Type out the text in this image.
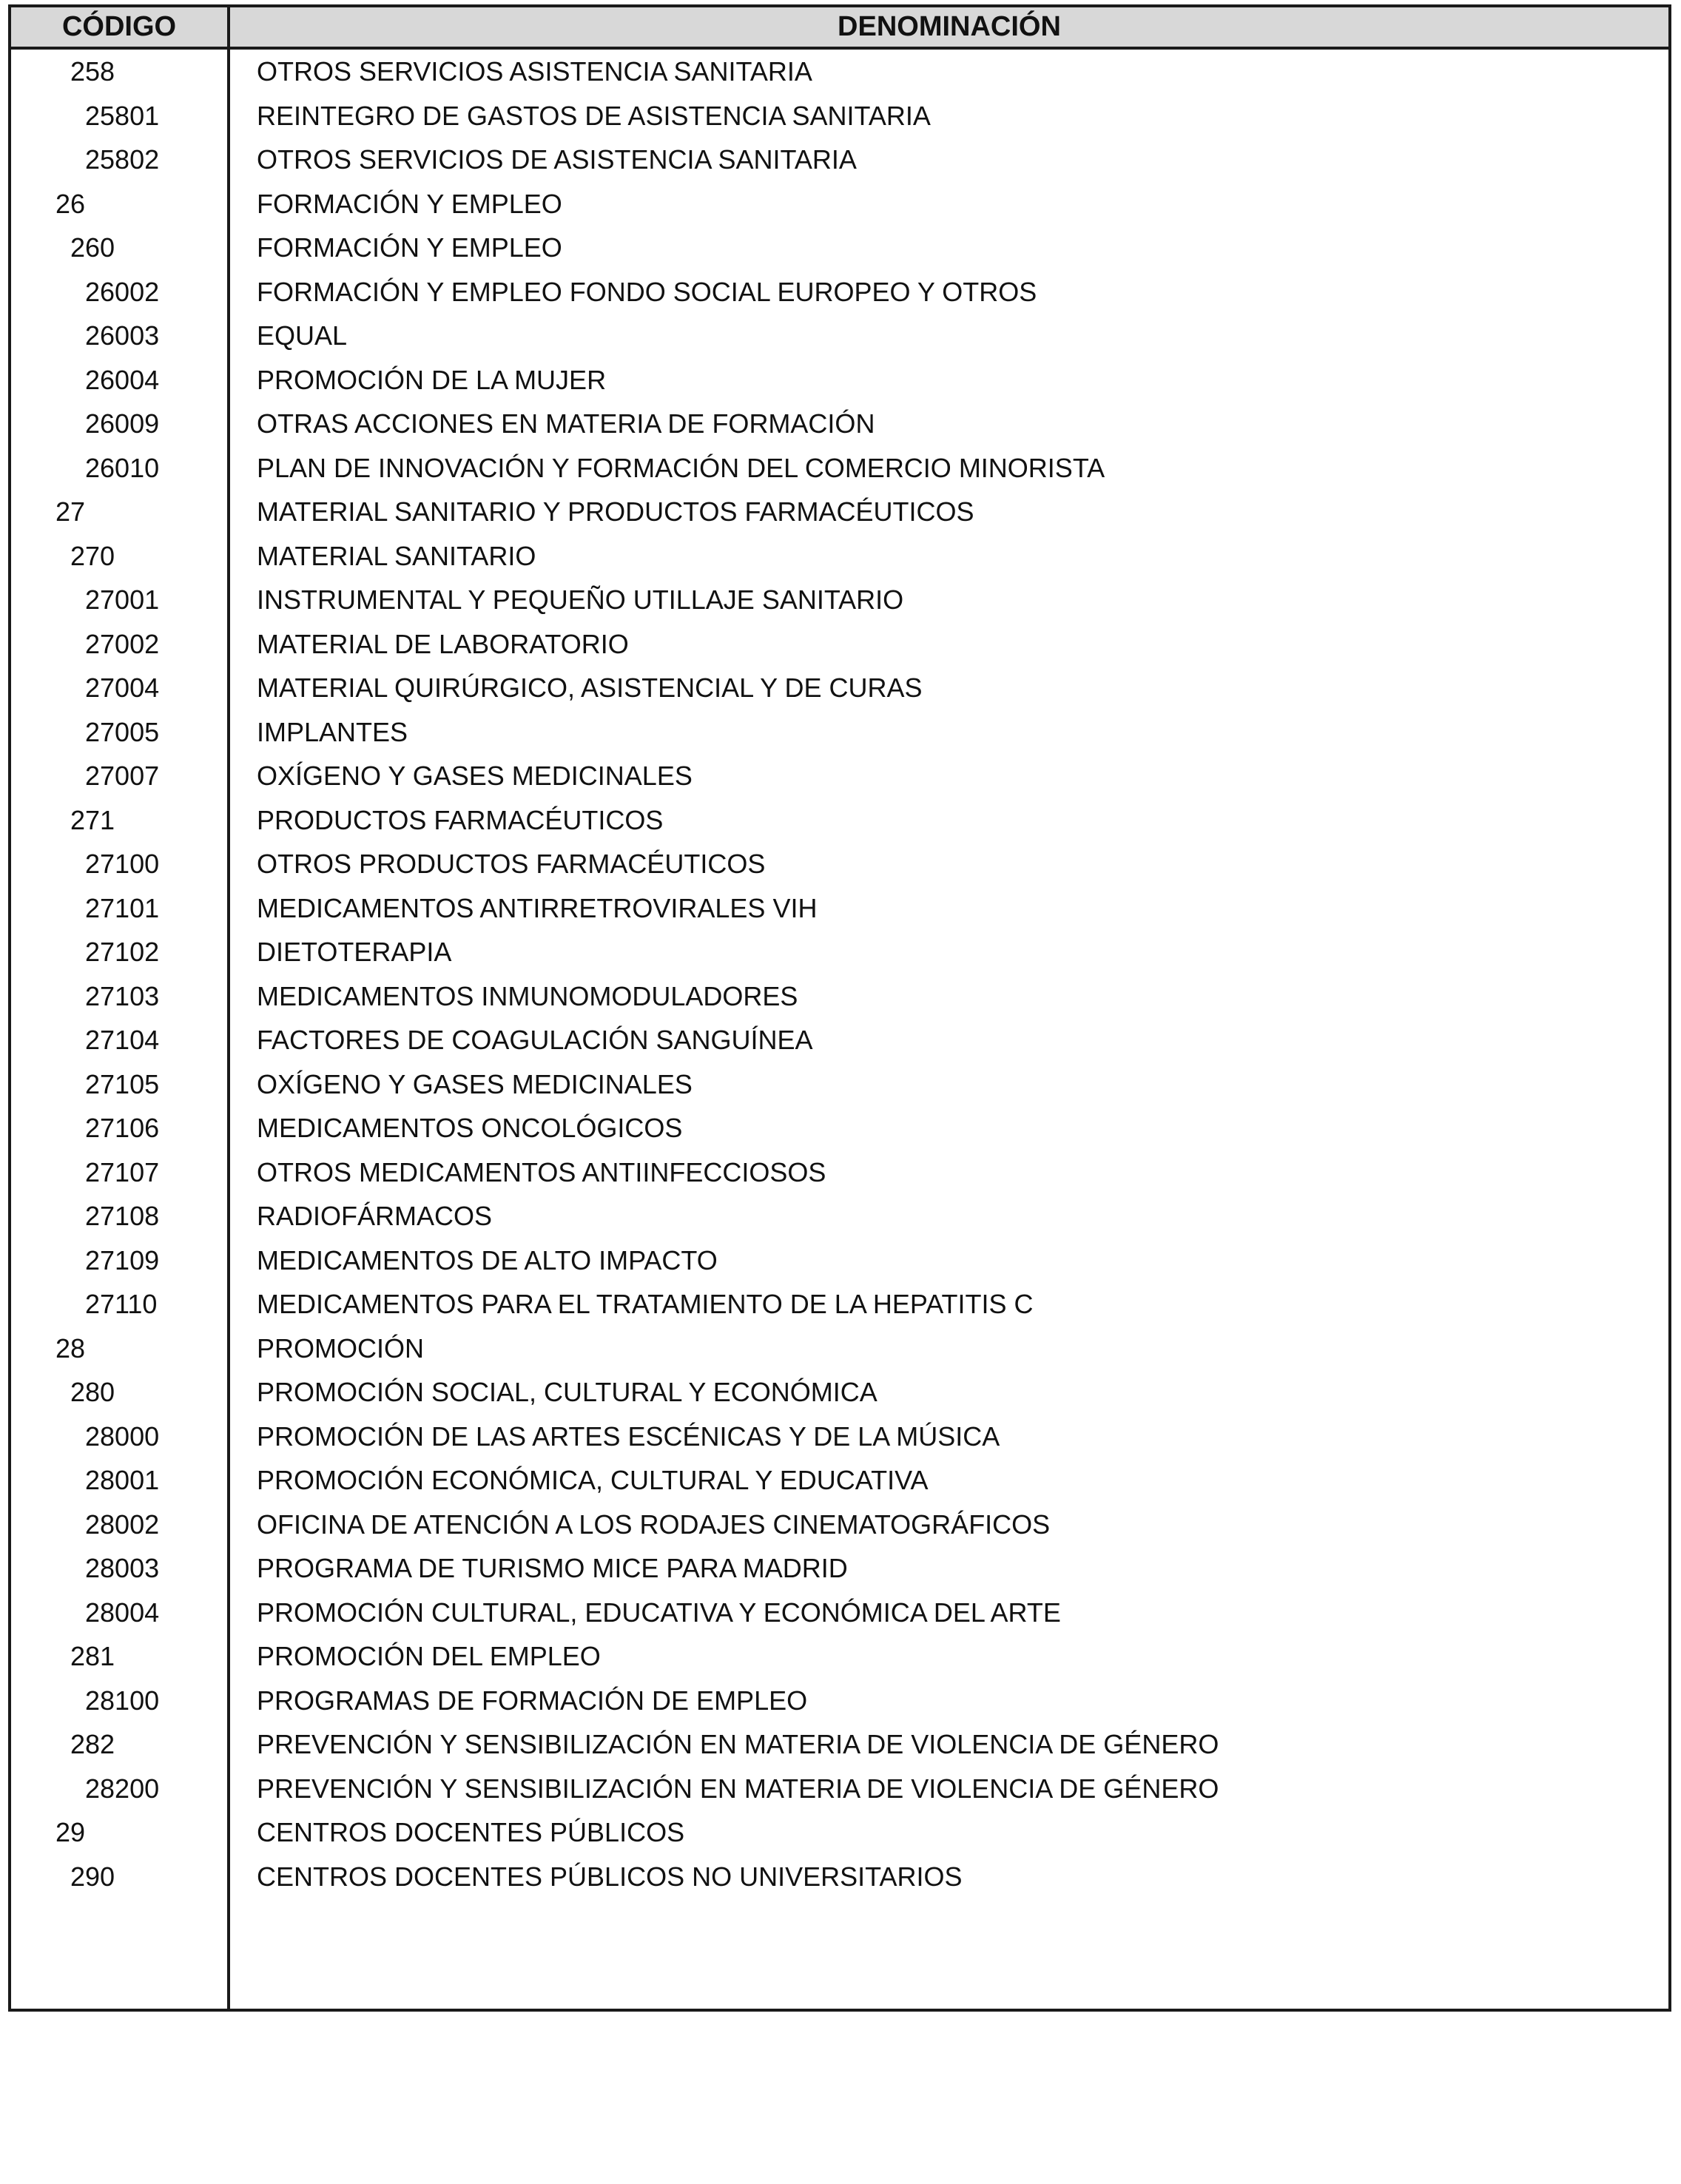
CÓDIGO	DENOMINACIÓN
258	OTROS SERVICIOS ASISTENCIA SANITARIA
25801	REINTEGRO DE GASTOS DE ASISTENCIA SANITARIA
25802	OTROS SERVICIOS DE ASISTENCIA SANITARIA
26	FORMACIÓN Y EMPLEO
260	FORMACIÓN Y EMPLEO
26002	FORMACIÓN Y EMPLEO FONDO SOCIAL EUROPEO Y OTROS
26003	EQUAL
26004	PROMOCIÓN DE LA MUJER
26009	OTRAS ACCIONES EN MATERIA DE FORMACIÓN
26010	PLAN DE INNOVACIÓN Y FORMACIÓN DEL COMERCIO MINORISTA
27	MATERIAL SANITARIO Y PRODUCTOS FARMACÉUTICOS
270	MATERIAL SANITARIO
27001	INSTRUMENTAL Y PEQUEÑO UTILLAJE SANITARIO
27002	MATERIAL DE LABORATORIO
27004	MATERIAL QUIRÚRGICO, ASISTENCIAL Y DE CURAS
27005	IMPLANTES
27007	OXÍGENO Y GASES MEDICINALES
271	PRODUCTOS FARMACÉUTICOS
27100	OTROS PRODUCTOS FARMACÉUTICOS
27101	MEDICAMENTOS ANTIRRETROVIRALES VIH
27102	DIETOTERAPIA
27103	MEDICAMENTOS INMUNOMODULADORES
27104	FACTORES DE COAGULACIÓN SANGUÍNEA
27105	OXÍGENO Y GASES MEDICINALES
27106	MEDICAMENTOS ONCOLÓGICOS
27107	OTROS MEDICAMENTOS ANTIINFECCIOSOS
27108	RADIOFÁRMACOS
27109	MEDICAMENTOS DE ALTO IMPACTO
27110	MEDICAMENTOS PARA EL TRATAMIENTO DE LA HEPATITIS C
28	PROMOCIÓN
280	PROMOCIÓN SOCIAL, CULTURAL Y ECONÓMICA
28000	PROMOCIÓN DE LAS ARTES ESCÉNICAS Y DE LA MÚSICA
28001	PROMOCIÓN ECONÓMICA, CULTURAL Y EDUCATIVA
28002	OFICINA DE ATENCIÓN A LOS RODAJES CINEMATOGRÁFICOS
28003	PROGRAMA DE TURISMO MICE PARA MADRID
28004	PROMOCIÓN CULTURAL, EDUCATIVA Y ECONÓMICA DEL ARTE
281	PROMOCIÓN DEL EMPLEO
28100	PROGRAMAS DE FORMACIÓN DE EMPLEO
282	PREVENCIÓN Y SENSIBILIZACIÓN EN MATERIA DE VIOLENCIA DE GÉNERO
28200	PREVENCIÓN Y SENSIBILIZACIÓN EN MATERIA DE VIOLENCIA DE GÉNERO
29	CENTROS DOCENTES PÚBLICOS
290	CENTROS DOCENTES PÚBLICOS NO UNIVERSITARIOS
